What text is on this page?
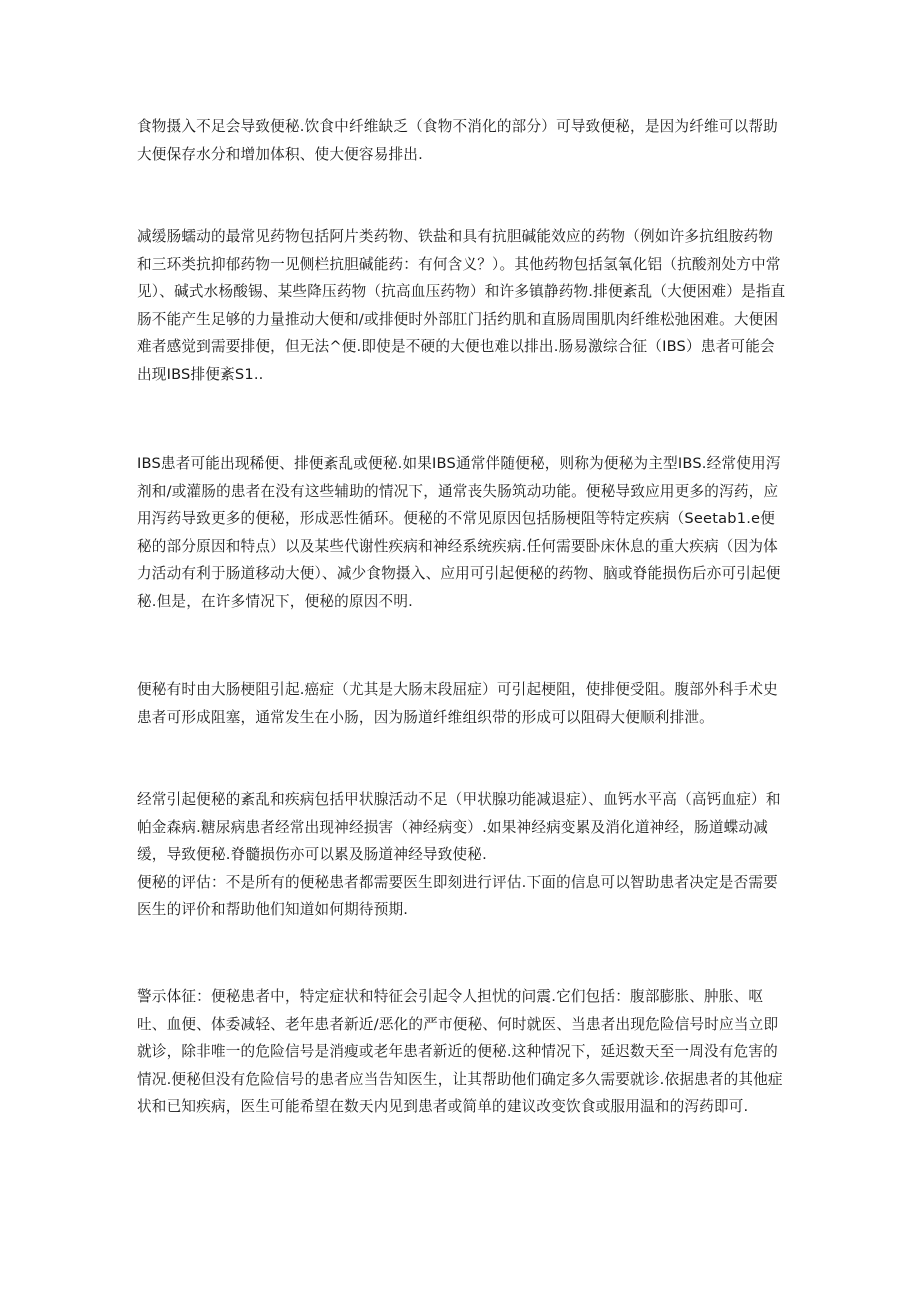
食物摄入不足会导致便秘.饮食中纤维缺乏（食物不消化的部分）可导致便秘，是因为纤维可以帮助大便保存水分和增加体积、使大便容易排出.

减缓肠蠕动的最常见药物包括阿片类药物、铁盐和具有抗胆碱能效应的药物（例如许多抗组胺药物和三环类抗抑郁药物一见侧栏抗胆碱能药：有何含义？）。其他药物包括氢氧化铝（抗酸剂处方中常见）、碱式水杨酸锡、某些降压药物（抗高血压药物）和许多镇静药物.排便紊乱（大便困难）是指直肠不能产生足够的力量推动大便和/或排便时外部肛门括约肌和直肠周围肌肉纤维松弛困难。大便困难者感觉到需要排便，但无法^便.即使是不硬的大便也难以排出.肠易激综合征（IBS）患者可能会出现IBS排便紊S1..

IBS患者可能出现稀便、排便紊乱或便秘.如果IBS通常伴随便秘，则称为便秘为主型IBS.经常使用泻剂和/或灌肠的患者在没有这些辅助的情况下，通常丧失肠筑动功能。便秘导致应用更多的泻药，应用泻药导致更多的便秘，形成恶性循环。便秘的不常见原因包括肠梗阻等特定疾病（Seetab1.e便秘的部分原因和特点）以及某些代谢性疾病和神经系统疾病.任何需要卧床休息的重大疾病（因为体力活动有利于肠道移动大便）、减少食物摄入、应用可引起便秘的药物、脑或脊能损伤后亦可引起便秘.但是，在许多情况下，便秘的原因不明.

便秘有时由大肠梗阻引起.癌症（尤其是大肠末段屈症）可引起梗阻，使排便受阻。腹部外科手术史患者可形成阻塞，通常发生在小肠，因为肠道纤维组织带的形成可以阻碍大便顺利排泄。

经常引起便秘的紊乱和疾病包括甲状腺活动不足（甲状腺功能减退症）、血钙水平高（高钙血症）和帕金森病.糖尿病患者经常出现神经损害（神经病变）.如果神经病变累及消化道神经，肠道蝶动减缓，导致便秘.脊髓损伤亦可以累及肠道神经导致使秘.
便秘的评估：不是所有的便秘患者都需要医生即刻进行评估.下面的信息可以智助患者决定是否需要医生的评价和帮助他们知道如何期待预期.

警示体征：便秘患者中，特定症状和特征会引起令人担忧的问震.它们包括：腹部膨胀、肿胀、呕吐、血便、体委减轻、老年患者新近/恶化的严市便秘、何时就医、当患者出现危险信号时应当立即就诊，除非唯一的危险信号是消瘦或老年患者新近的便秘.这种情况下，延迟数天至一周没有危害的情况.便秘但没有危险信号的患者应当告知医生，让其帮助他们确定多久需要就诊.依据患者的其他症状和已知疾病，医生可能希望在数天内见到患者或简单的建议改变饮食或服用温和的泻药即可.
